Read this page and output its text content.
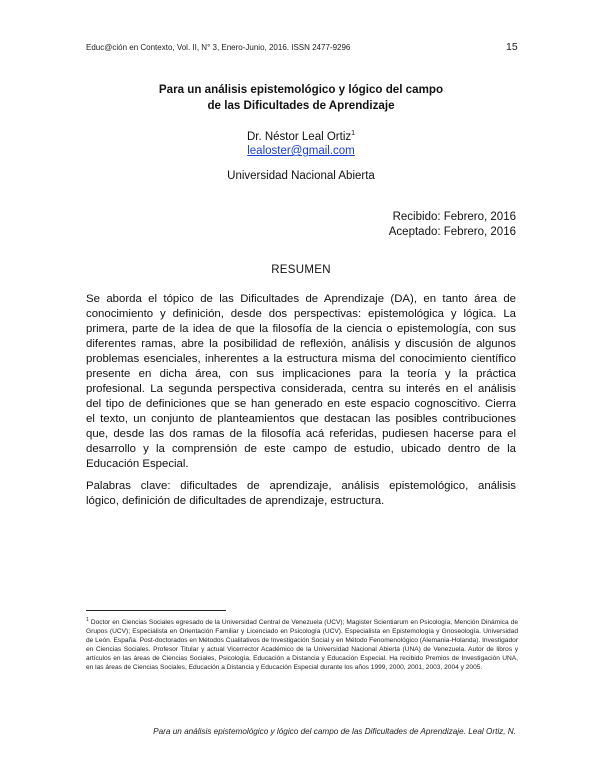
Educ@ción en Contexto, Vol. II, N° 3, Enero-Junio, 2016. ISSN 2477-9296	15
Para un análisis epistemológico y lógico del campo
de las Dificultades de Aprendizaje
Dr. Néstor Leal Ortiz$^1$
lealoster@gmail.com
Universidad Nacional Abierta
Recibido: Febrero, 2016
Aceptado: Febrero, 2016
RESUMEN
Se aborda el tópico de las Dificultades de Aprendizaje (DA), en tanto área de
conocimiento y definición, desde dos perspectivas: epistemológica y lógica. La
primera, parte de la idea de que la filosofía de la ciencia o epistemología, con sus
diferentes ramas, abre la posibilidad de reflexión, análisis y discusión de algunos
problemas esenciales, inherentes a la estructura misma del conocimiento científico
presente en dicha área, con sus implicaciones para la teoría y la práctica
profesional. La segunda perspectiva considerada, centra su interés en el análisis
del tipo de definiciones que se han generado en este espacio cognoscitivo. Cierra
el texto, un conjunto de planteamientos que destacan las posibles contribuciones
que, desde las dos ramas de la filosofía acá referidas, pudiesen hacerse para el
desarrollo y la comprensión de este campo de estudio, ubicado dentro de la
Educación Especial.
Palabras clave: dificultades de aprendizaje, análisis epistemológico, análisis
lógico, definición de dificultades de aprendizaje, estructura.
$^1$ Doctor en Ciencias Sociales egresado de la Universidad Central de Venezuela (UCV); Magister Scientiarum en Psicología, Mención Dinámica de Grupos (UCV); Especialista en Orientación Familiar y Licenciado en Psicología (UCV). Especialista en Epistemología y Gnoseología. Universidad de León. España. Post-doctorados en Métodos Cualitativos de Investigación Social y en Método Fenomenológico (Alemania-Holanda). Investigador en Ciencias Sociales. Profesor Titular y actual Vicerrector Académico de la Universidad Nacional Abierta (UNA) de Venezuela. Autor de libros y artículos en las áreas de Ciencias Sociales, Psicología, Educación a Distancia y Educación Especial. Ha recibido Premios de Investigación UNA, en las áreas de Ciencias Sociales, Educación a Distancia y Educación Especial durante los años 1999, 2000, 2001, 2003, 2004 y 2005.
Para un análisis epistemológico y lógico del campo de las Dificultades de Aprendizaje. Leal Ortiz, N.
